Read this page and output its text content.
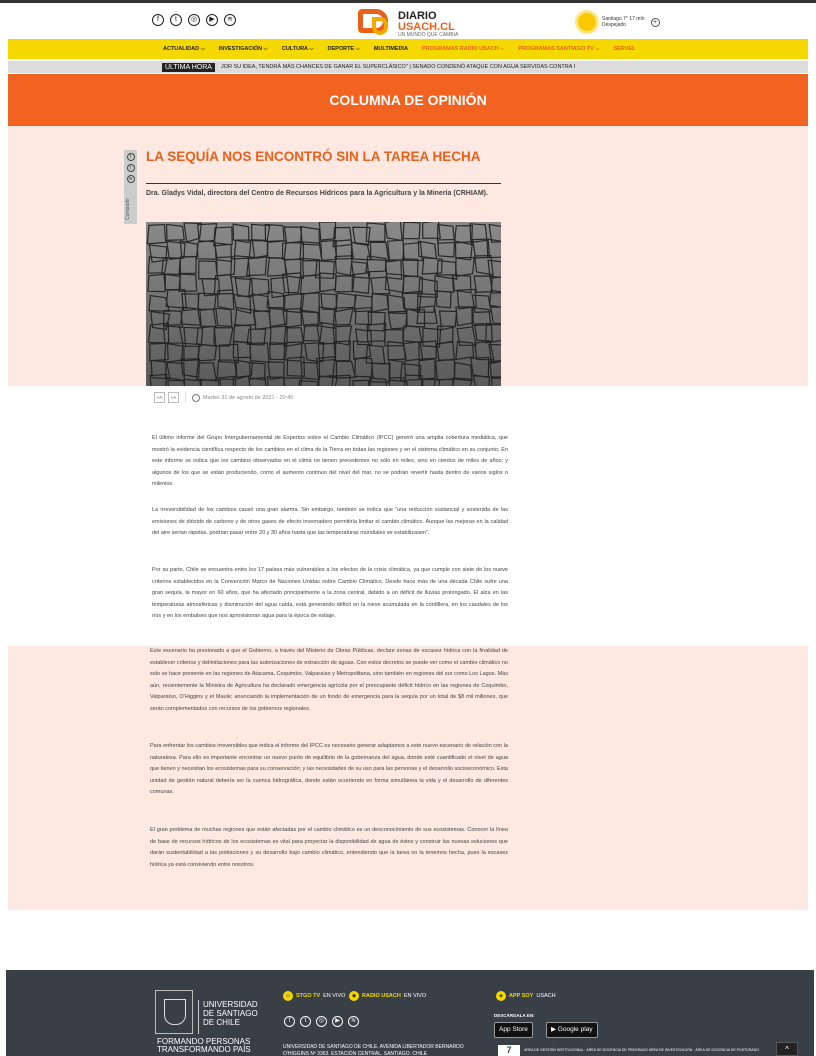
f	t	◎	▶	≋	DIARIO
USACH.CL
UN MUNDO QUE CAMBIA
Santiago 7° 17 mín
Despejado	+
ACTUALIDAD ⌵	INVESTIGACIÓN ⌵	CULTURA ⌵	DEPORTE ⌵	MULTIMEDIA	PROGRAMAS RADIO USACH ⌵	PROGRAMAS SANTIAGO TV ⌵	SERVEL
ÚLTIMA HORA	JOR SU IDEA, TENDRÁ MÁS CHANCES DE GANAR EL SUPERCLÁSICO" | SENADO CONDENÓ ATAQUE CON AGUA SERVIDAS CONTRA I
COLUMNA DE OPINIÓN
f
t
w
Compartir
LA SEQUÍA NOS ENCONTRÓ SIN LA TAREA HECHA
Dra. Gladys Vidal, directora del Centro de Recursos Hídricos para la Agricultura y la Minería (CRHIAM).
+A	+A	Martes 31 de agosto de 2021 - 20:45

El último informe del Grupo Intergubernamental de Expertos sobre el Cambio Climático (IPCC) generó una amplia cobertura mediática, que mostró la evidencia científica respecto de los cambios en el clima de la Tierra en todas las regiones y en el sistema climático en su conjunto. En este informe se indica que los cambios observados en el clima no tienen precedentes no sólo en miles, sino en cientos de miles de años; y algunos de los que se están produciendo, como el aumento continuo del nivel del mar, no se podrán revertir hasta dentro de varios siglos o milenios.

La irreversibilidad de los cambios causó una gran alarma. Sin embargo, también se indica que "una reducción sustancial y sostenida de las emisiones de dióxido de carbono y de otros gases de efecto invernadero permitiría limitar el cambio climático. Aunque las mejoras en la calidad del aire serían rápidas, podrían pasar entre 20 y 30 años hasta que las temperaturas mundiales se estabilizasen".

Por su parte, Chile se encuentra entre los 17 países más vulnerables a los efectos de la crisis climática, ya que cumple con siete de los nueve criterios establecidos en la Convención Marco de Naciones Unidas sobre Cambio Climático. Desde hace más de una década Chile sufre una gran sequía, la mayor en 60 años, que ha afectado principalmente a la zona central, debido a un déficit de lluvias prolongado. El alza en las temperaturas atmosféricas y disminución del agua caída, está generando déficit en la nieve acumulada en la cordillera, en los caudales de los ríos y en los embalses que nos aprovisionan agua para la época de estiaje.

Este escenario ha presionado a que el Gobierno, a través del Misterio de Obras Públicas, declare zonas de escasez hídrica con la finalidad de establecer criterios y delimitaciones para las autorizaciones de extracción de aguas. Con estos decretos se puede ver como el cambio climático no solo se hace presente en las regiones de Atacama, Coquimbo, Valparaíso y Metropolitana, sino también en regiones del sur como Los Lagos. Más aún, recientemente la Ministra de Agricultura ha declarado emergencia agrícola por el preocupante déficit hídrico en las regiones de Coquimbo, Valparaíso, O'Higgins y el Maule; anunciando la implementación de un fondo de emergencia para la sequía por un total de $8 mil millones, que serán complementados con recursos de los gobiernos regionales.

Para enfrentar los cambios irreversibles que indica el informe del IPCC es necesario generar adaptamos a este nuevo escenario de relación con la naturaleza. Para ello es importante encontrar un nuevo punto de equilibrio de la gobernanza del agua, donde esté cuantificado el nivel de agua que tienen y necesitan los ecosistemas para su conservación; y las necesidades de su uso para las personas y el desarrollo socioeconómico. Esta unidad de gestión natural debería ser la cuenca hidrográfica, donde están ocurriendo en forma simultánea la vida y el desarrollo de diferentes comunas.

El gran problema de muchas regiones que están afectadas por el cambio climático es un desconocimiento de sus ecosistemas. Conocer la línea de base de recursos hídricos de los ecosistemas es vital para proyectar la disponibilidad de agua de éstos y construir las nuevas soluciones que darán sustentabilidad a las poblaciones y su desarrollo bajo cambio climático, entendiendo que la tarea no la tenemos hecha, pues la escasez hídrica ya está conviviendo entre nosotros.

UNIVERSIDAD
DE SANTIAGO
DE CHILE
FORMANDO PERSONAS
TRANSFORMANDO PAÍS
▭	STGO TV EN VIVO	◉	RADIO USACH EN VIVO	◈	APP SOY USACH
f	t	◎	▶	≋
UNIVERSIDAD DE SANTIAGO DE CHILE. AVENIDA LIBERTADOR BERNARDO O'HIGGINS Nº 3363. ESTACIÓN CENTRAL. SANTIAGO. CHILE
DESCÁRGALA EN:
App Store	▶ Google play
7	ÁREA DE GESTIÓN INSTITUCIONAL · ÁREA DE DOCENCIA DE PREGRADO ÁREA DE INVESTIGACIÓN · ÁREA DE DOCENCIA DE POSTGRADO	^
